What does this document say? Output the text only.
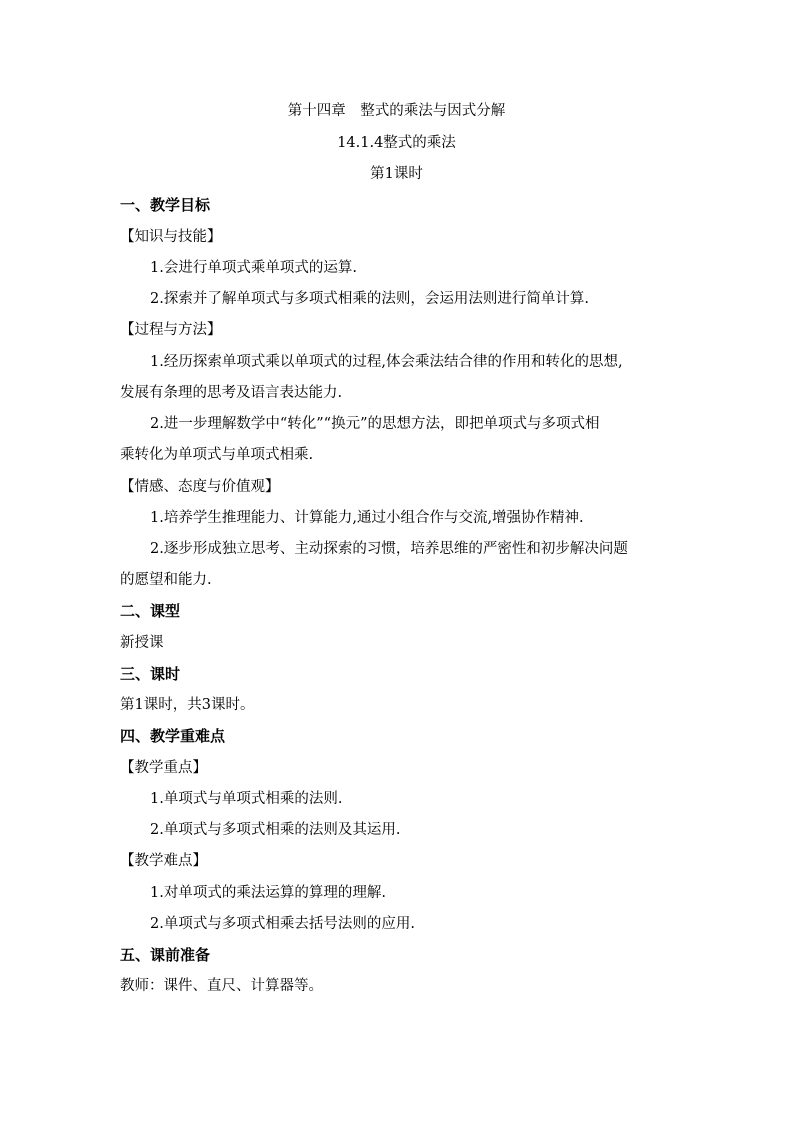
第十四章　整式的乘法与因式分解
14.1.4整式的乘法
第1课时
一、教学目标
【知识与技能】
1.会进行单项式乘单项式的运算.
2.探索并了解单项式与多项式相乘的法则，会运用法则进行简单计算.
【过程与方法】
1.经历探索单项式乘以单项式的过程,体会乘法结合律的作用和转化的思想,
发展有条理的思考及语言表达能力.
2.进一步理解数学中“转化”“换元”的思想方法，即把单项式与多项式相
乘转化为单项式与单项式相乘.
【情感、态度与价值观】
1.培养学生推理能力、计算能力,通过小组合作与交流,增强协作精神.
2.逐步形成独立思考、主动探索的习惯，培养思维的严密性和初步解决问题
的愿望和能力.
二、课型
新授课
三、课时
第1课时，共3课时。
四、教学重难点
【教学重点】
1.单项式与单项式相乘的法则.
2.单项式与多项式相乘的法则及其运用.
【教学难点】
1.对单项式的乘法运算的算理的理解.
2.单项式与多项式相乘去括号法则的应用.
五、课前准备
教师：课件、直尺、计算器等。
